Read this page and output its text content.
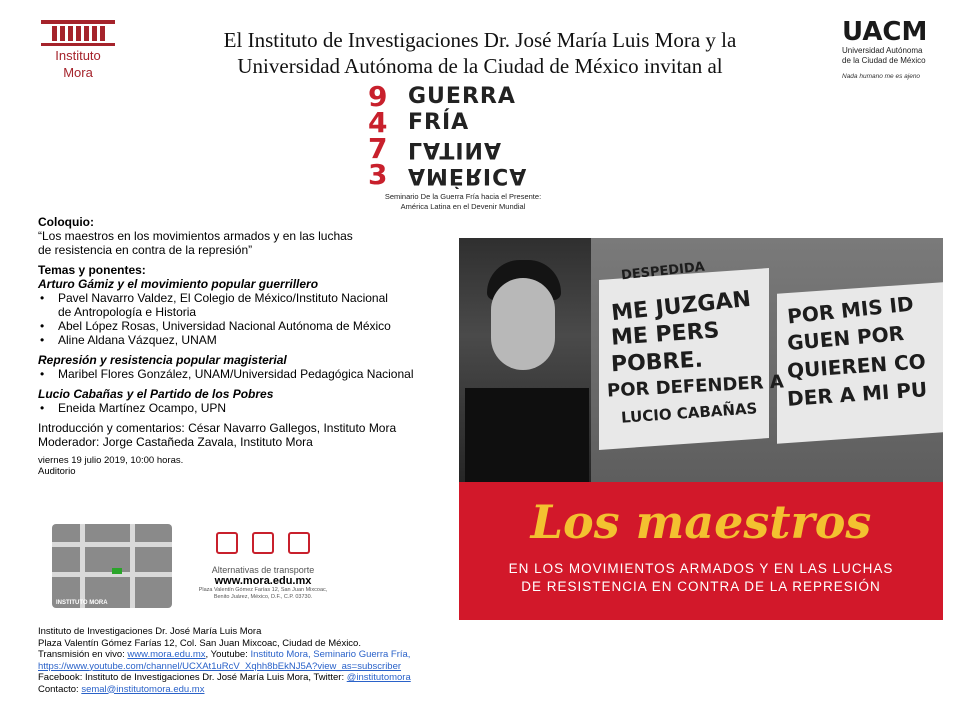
Instituto
Mora
El Instituto de Investigaciones Dr. José María Luis Mora y la
Universidad Autónoma de la Ciudad de México invitan al
UACM
Universidad Autónoma
de la Ciudad de México
Nada humano me es ajeno
9
4
7
3
GUERRA
FRÍA
LATINA
AMÉRICA
Seminario De la Guerra Fría hacia el Presente:
América Latina en el Devenir Mundial
Coloquio:
“Los maestros en los movimientos armados y en las luchas
de resistencia en contra de la represión”
Temas y ponentes:
Arturo Gámiz y el movimiento popular guerrillero
• Pavel Navarro Valdez, El Colegio de México/Instituto Nacional
de Antropología e Historia
• Abel López Rosas, Universidad Nacional Autónoma de México
• Aline Aldana Vázquez, UNAM
Represión y resistencia popular magisterial
• Maribel Flores González, UNAM/Universidad Pedagógica Nacional
Lucio Cabañas y el Partido de los Pobres
• Eneida Martínez Ocampo, UPN
Introducción y comentarios: César Navarro Gallegos, Instituto Mora
Moderador: Jorge Castañeda Zavala, Instituto Mora
viernes 19 julio 2019, 10:00 horas.
Auditorio
INSTITUTO MORA
Alternativas de transporte
www.mora.edu.mx
Plaza Valentín Gómez Farías 12, San Juan Mixcoac,
Benito Juárez, México, D.F., C.P. 03730.
Instituto de Investigaciones Dr. José María Luis Mora
Plaza Valentín Gómez Farías 12, Col. San Juan Mixcoac, Ciudad de México.
Transmisión en vivo: www.mora.edu.mx, Youtube: Instituto Mora, Seminario Guerra Fría,
https://www.youtube.com/channel/UCXAt1uRcV_Xqhh8bEkNJ5A?view_as=subscriber
Facebook: Instituto de Investigaciones Dr. José María Luis Mora, Twitter: @institutomora
Contacto: semal@institutomora.edu.mx
DESPEDIDA
ME JUZGAN
ME PERS
POBRE.
POR DEFENDER A
LUCIO CABAÑAS
POR MIS ID
GUEN POR
QUIEREN CO
DER A MI PU
Los maestros
EN LOS MOVIMIENTOS ARMADOS Y EN LAS LUCHAS
DE RESISTENCIA EN CONTRA DE LA REPRESIÓN
